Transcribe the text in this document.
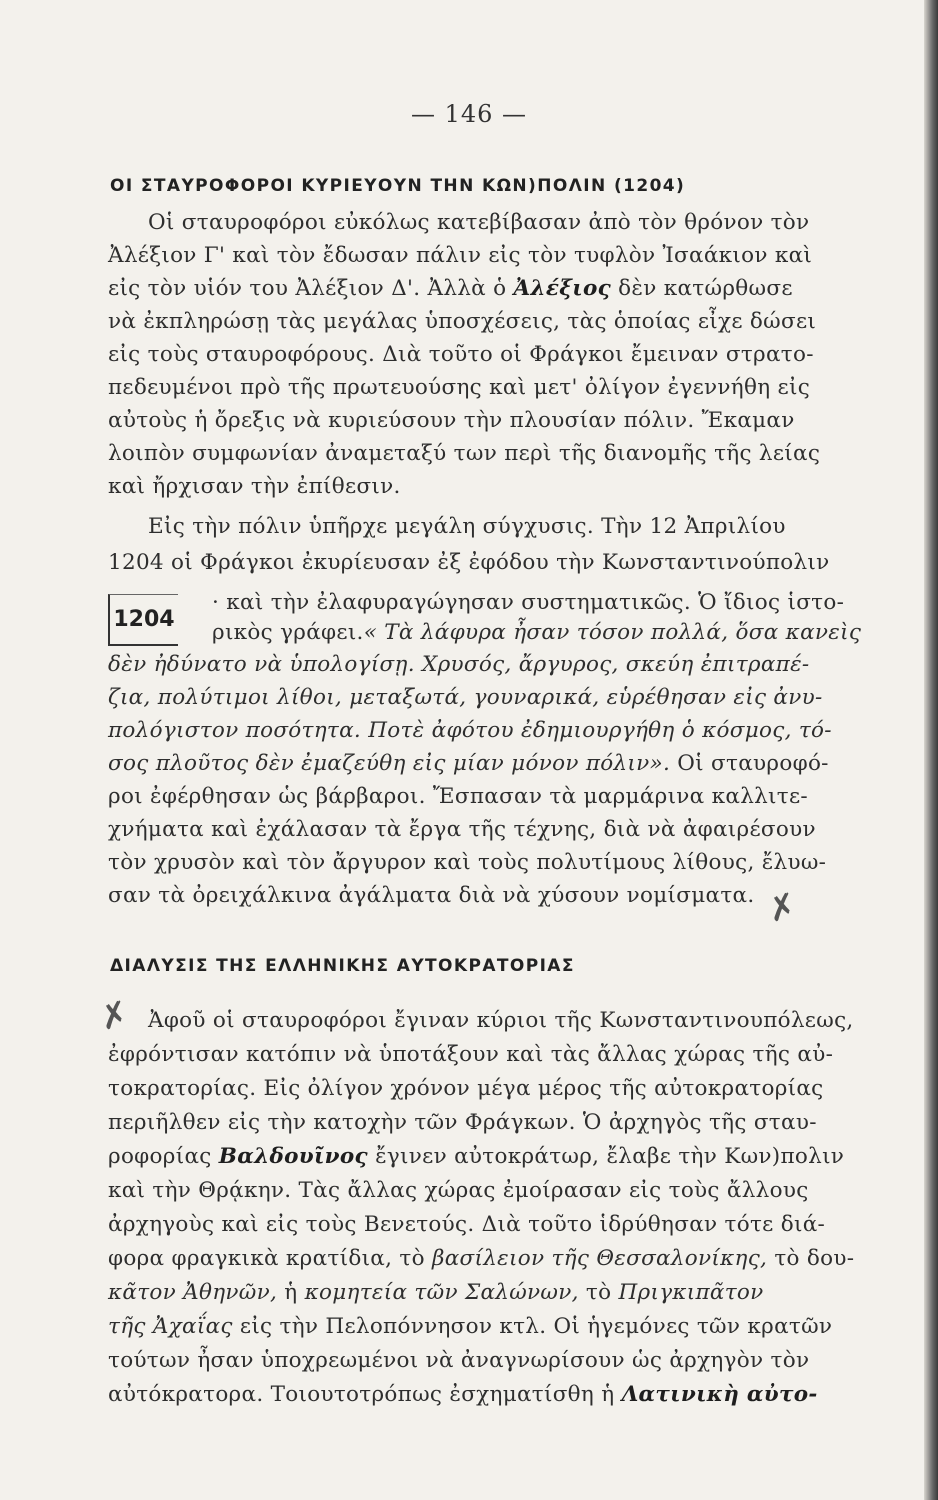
— 146 —
ΟΙ ΣΤΑΥΡΟΦΟΡΟΙ ΚΥΡΙΕΥΟΥΝ ΤΗΝ ΚΩΝ)ΠΟΛΙΝ (1204)
Οἱ σταυροφόροι εὐκόλως κατεβίβασαν ἀπὸ τὸν θρόνον τὸν
Ἀλέξιον Γ' καὶ τὸν ἔδωσαν πάλιν εἰς τὸν τυφλὸν Ἰσαάκιον καὶ
εἰς τὸν υἱόν του Ἀλέξιον Δ'. Ἀλλὰ ὁ Ἀλέξιος δὲν κατώρθωσε
νὰ ἐκπληρώσῃ τὰς μεγάλας ὑποσχέσεις, τὰς ὁποίας εἶχε δώσει
εἰς τοὺς σταυροφόρους. Διὰ τοῦτο οἱ Φράγκοι ἔμειναν στρατο-
πεδευμένοι πρὸ τῆς πρωτευούσης καὶ μετ' ὀλίγον ἐγεννήθη εἰς
αὐτοὺς ἡ ὄρεξις νὰ κυριεύσουν τὴν πλουσίαν πόλιν. Ἔκαμαν
λοιπὸν συμφωνίαν ἀναμεταξύ των περὶ τῆς διανομῆς τῆς λείας
καὶ ἤρχισαν τὴν ἐπίθεσιν.
Εἰς τὴν πόλιν ὑπῆρχε μεγάλη σύγχυσις. Τὴν 12 Ἀπριλίου
1204 οἱ Φράγκοι ἐκυρίευσαν ἐξ ἐφόδου τὴν Κωνσταντινούπολιν
1204
· καὶ τὴν ἐλαφυραγώγησαν συστηματικῶς. Ὁ ἴδιος ἱστο-
ρικὸς γράφει.« Τὰ λάφυρα ἦσαν τόσον πολλά, ὅσα κανεὶς
δὲν ἠδύνατο νὰ ὑπολογίσῃ. Χρυσός, ἄργυρος, σκεύη ἐπιτραπέ-
ζια, πολύτιμοι λίθοι, μεταξωτά, γουναρικά, εὑρέθησαν εἰς ἀνυ-
πολόγιστον ποσότητα. Ποτὲ ἀφότου ἐδημιουργήθη ὁ κόσμος, τό-
σος πλοῦτος δὲν ἐμαζεύθη εἰς μίαν μόνον πόλιν». Οἱ σταυροφό-
ροι ἐφέρθησαν ὡς βάρβαροι. Ἔσπασαν τὰ μαρμάρινα καλλιτε-
χνήματα καὶ ἐχάλασαν τὰ ἔργα τῆς τέχνης, διὰ νὰ ἀφαιρέσουν
τὸν χρυσὸν καὶ τὸν ἄργυρον καὶ τοὺς πολυτίμους λίθους, ἔλυω-
σαν τὰ ὀρειχάλκινα ἀγάλματα διὰ νὰ χύσουν νομίσματα. ✗
ΔΙΑΛΥΣΙΣ ΤΗΣ ΕΛΛΗΝΙΚΗΣ ΑΥΤΟΚΡΑΤΟΡΙΑΣ
✗ Ἀφοῦ οἱ σταυροφόροι ἔγιναν κύριοι τῆς Κωνσταντινουπόλεως,
ἐφρόντισαν κατόπιν νὰ ὑποτάξουν καὶ τὰς ἄλλας χώρας τῆς αὐ-
τοκρατορίας. Εἰς ὀλίγον χρόνον μέγα μέρος τῆς αὐτοκρατορίας
περιῆλθεν εἰς τὴν κατοχὴν τῶν Φράγκων. Ὁ ἀρχηγὸς τῆς σταυ-
ροφορίας Βαλδουῖνος ἔγινεν αὐτοκράτωρ, ἔλαβε τὴν Κων)πολιν
καὶ τὴν Θρᾴκην. Τὰς ἄλλας χώρας ἐμοίρασαν εἰς τοὺς ἄλλους
ἀρχηγοὺς καὶ εἰς τοὺς Βενετούς. Διὰ τοῦτο ἱδρύθησαν τότε διά-
φορα φραγκικὰ κρατίδια, τὸ βασίλειον τῆς Θεσσαλονίκης, τὸ δου-
κᾶτον Ἀθηνῶν, ἡ κομητεία τῶν Σαλώνων, τὸ Πριγκιπᾶτον
τῆς Ἀχαΐας εἰς τὴν Πελοπόννησον κτλ. Οἱ ἡγεμόνες τῶν κρατῶν
τούτων ἦσαν ὑποχρεωμένοι νὰ ἀναγνωρίσουν ὡς ἀρχηγὸν τὸν
αὐτόκρατορα. Τοιουτοτρόπως ἐσχηματίσθη ἡ Λατινικὴ αὐτο-
